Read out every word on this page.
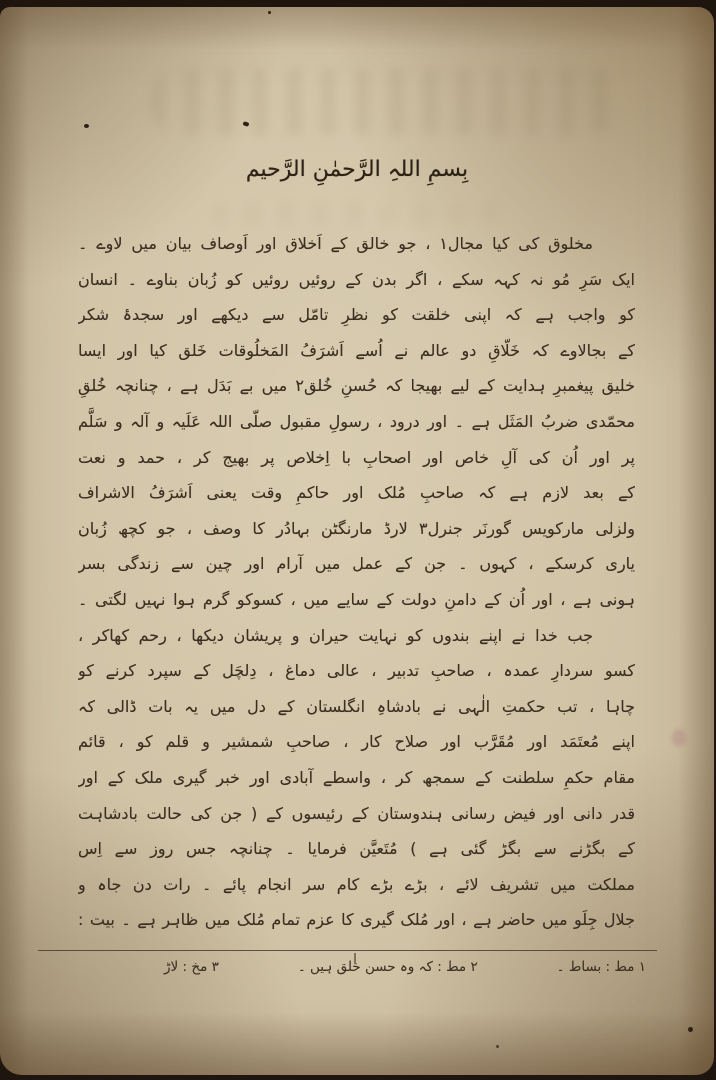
بِسمِ اللہِ الرَّحمٰنِ الرَّحیم
مخلوق کی کیا مجال۱ ، جو خالق کے اَخلاق اور اَوصاف بیان میں لاوے ۔
ایک سَرِ مُو نہ کہہ سکے ، اگر بدن کے روئیں روئیں کو زُبان بناوے ۔ انسان
کو واجب ہے کہ اپنی خلقت کو نظرِ تامّل سے دیکھے اور سجدۂ شکر
کے بجالاوے کہ خَلّاقِ دو عالم نے اُسے اَشرَفُ المَخلُوقات خَلق کیا اور ایسا
خلیق پیغمبرِ ہدایت کے لیے بھیجا کہ حُسنِ خُلق۲ میں بے بَدَل ہے ، چنانچہ خُلقِ
محمّدی ضربُ المَثَل ہے ۔ اور درود ، رسولِ مقبول صلّی اللہ عَلَیہ و آلہ و سَلَّم
پر اور اُن کی آلِ خاص اور اصحابِ با اِخلاص پر بھیج کر ، حمد و نعت
کے بعد لازم ہے کہ صاحبِ مُلک اور حاکمِ وقت یعنی اَشرَفُ الاشراف
ولزلی مارکویس گورنَر جنرل۳ لارڈ مارنگٹن بہادُر کا وصف ، جو کچھ زُبان
یاری کرسکے ، کہوں ۔ جن کے عمل میں آرام اور چین سے زندگی بسر
ہونی ہے ، اور اُن کے دامنِ دولت کے سایے میں ، کسوکو گرم ہوا نہیں لگتی ۔
جب خدا نے اپنے بندوں کو نہایت حیران و پریشان دیکھا ، رحم کھاکر ،
کسو سردارِ عمدہ ، صاحبِ تدبیر ، عالی دماغ ، دِلچَل کے سپرد کرنے کو
چاہا ، تب حکمتِ الٰہی نے بادشاہِ انگلستان کے دل میں یہ بات ڈالی کہ
اپنے مُعتَمَد اور مُقَرَّب اور صلاح کار ، صاحبِ شمشیر و قلم کو ، قائم
مقام حکمِ سلطنت کے سمجھ کر ، واسطے آبادی اور خبر گیری ملک کے اور
قدر دانی اور فیض رسانی ہندوستان کے رئیسوں کے ( جن کی حالت بادشاہت
کے بگڑنے سے بگڑ گئی ہے ) مُتَعیَّن فرمایا ۔ چنانچہ جس روز سے اِس
مملکت میں تشریف لائے ، بڑے بڑے کام سر انجام پائے ۔ رات دن جاہ و
جلال جِلَو میں حاضر ہے ، اور مُلک گیری کا عزم تمام مُلک میں ظاہر ہے ۔ بیت :
۱ مط : بساط ۔
۲ مط : کہ وہ حسن خلق ہیں ۔
۳ مخ : لاڑ
